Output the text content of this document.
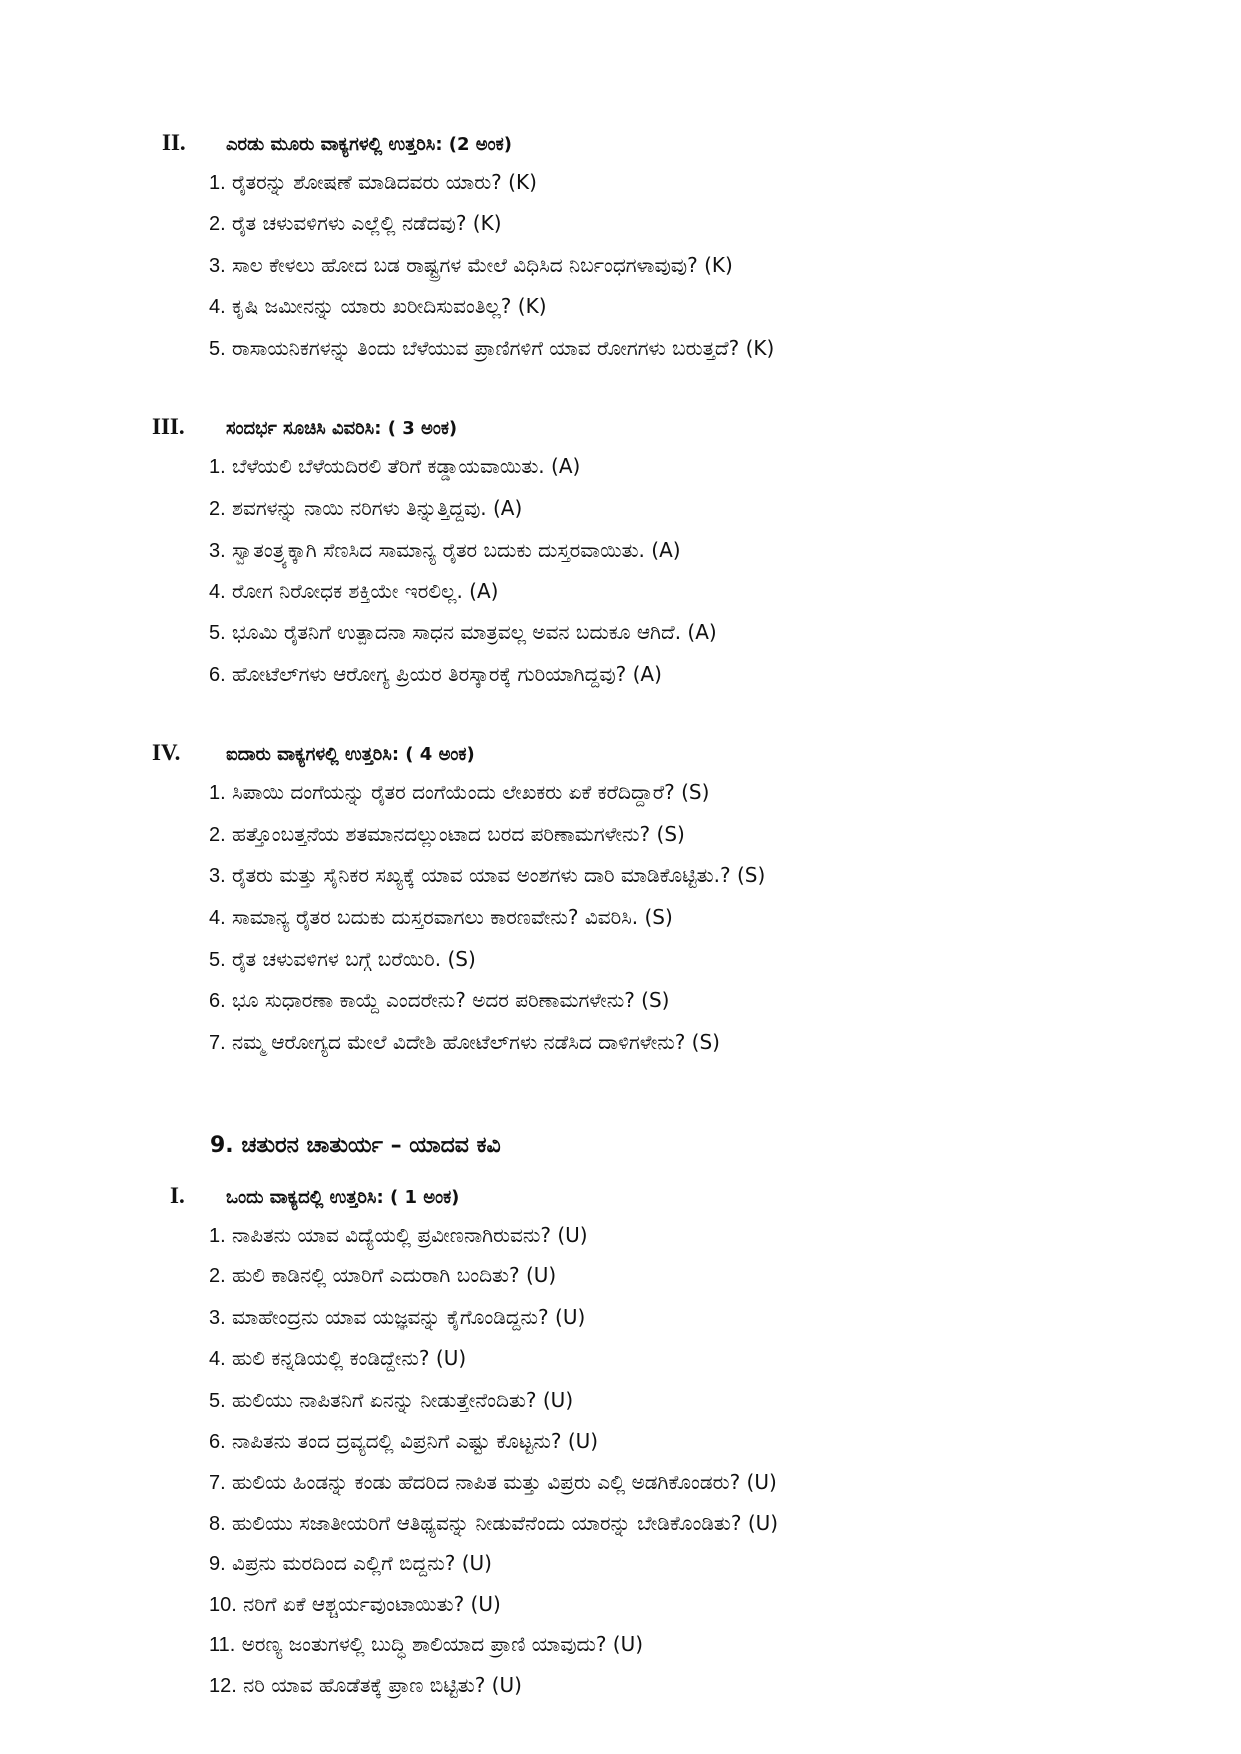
II.	ಎರಡು ಮೂರು ವಾಕ್ಯಗಳಲ್ಲಿ ಉತ್ತರಿಸಿ: (2 ಅಂಕ)
1. ರೈತರನ್ನು ಶೋಷಣೆ ಮಾಡಿದವರು ಯಾರು? (K)
2. ರೈತ ಚಳುವಳಿಗಳು ಎಲ್ಲೆಲ್ಲಿ ನಡೆದವು? (K)
3. ಸಾಲ ಕೇಳಲು ಹೋದ ಬಡ ರಾಷ್ಟ್ರಗಳ ಮೇಲೆ ವಿಧಿಸಿದ ನಿರ್ಬಂಧಗಳಾವುವು? (K)
4. ಕೃಷಿ ಜಮೀನನ್ನು ಯಾರು ಖರೀದಿಸುವಂತಿಲ್ಲ? (K)
5. ರಾಸಾಯನಿಕಗಳನ್ನು ತಿಂದು ಬೆಳೆಯುವ ಪ್ರಾಣಿಗಳಿಗೆ ಯಾವ ರೋಗಗಳು ಬರುತ್ತದೆ? (K)
III.	ಸಂದರ್ಭ ಸೂಚಿಸಿ ವಿವರಿಸಿ: ( 3 ಅಂಕ)
1. ಬೆಳೆಯಲಿ ಬೆಳೆಯದಿರಲಿ ತೆರಿಗೆ ಕಡ್ಡಾಯವಾಯಿತು. (A)
2. ಶವಗಳನ್ನು ನಾಯಿ ನರಿಗಳು ತಿನ್ನುತ್ತಿದ್ದವು. (A)
3. ಸ್ವಾತಂತ್ರ್ಯಕ್ಕಾಗಿ ಸೆಣಸಿದ ಸಾಮಾನ್ಯ ರೈತರ ಬದುಕು ದುಸ್ತರವಾಯಿತು. (A)
4. ರೋಗ ನಿರೋಧಕ ಶಕ್ತಿಯೇ ಇರಲಿಲ್ಲ. (A)
5. ಭೂಮಿ ರೈತನಿಗೆ ಉತ್ಪಾದನಾ ಸಾಧನ ಮಾತ್ರವಲ್ಲ ಅವನ ಬದುಕೂ ಆಗಿದೆ. (A)
6. ಹೋಟೆಲ್‌ಗಳು ಆರೋಗ್ಯ ಪ್ರಿಯರ ತಿರಸ್ಕಾರಕ್ಕೆ ಗುರಿಯಾಗಿದ್ದವು? (A)
IV.	ಐದಾರು ವಾಕ್ಯಗಳಲ್ಲಿ ಉತ್ತರಿಸಿ: ( 4 ಅಂಕ)
1. ಸಿಪಾಯಿ ದಂಗೆಯನ್ನು ರೈತರ ದಂಗೆಯೆಂದು ಲೇಖಕರು ಏಕೆ ಕರೆದಿದ್ದಾರೆ? (S)
2. ಹತ್ತೊಂಬತ್ತನೆಯ ಶತಮಾನದಲ್ಲುಂಟಾದ ಬರದ ಪರಿಣಾಮಗಳೇನು? (S)
3. ರೈತರು ಮತ್ತು ಸೈನಿಕರ ಸಖ್ಯಕ್ಕೆ ಯಾವ ಯಾವ ಅಂಶಗಳು ದಾರಿ ಮಾಡಿಕೊಟ್ಟಿತು.? (S)
4. ಸಾಮಾನ್ಯ ರೈತರ ಬದುಕು ದುಸ್ತರವಾಗಲು ಕಾರಣವೇನು? ವಿವರಿಸಿ. (S)
5. ರೈತ ಚಳುವಳಿಗಳ ಬಗ್ಗೆ ಬರೆಯಿರಿ. (S)
6. ಭೂ ಸುಧಾರಣಾ ಕಾಯ್ದೆ ಎಂದರೇನು? ಅದರ ಪರಿಣಾಮಗಳೇನು? (S)
7. ನಮ್ಮ ಆರೋಗ್ಯದ ಮೇಲೆ ವಿದೇಶಿ ಹೋಟೆಲ್‌ಗಳು ನಡೆಸಿದ ದಾಳಿಗಳೇನು? (S)
9. ಚತುರನ ಚಾತುರ್ಯ – ಯಾದವ ಕವಿ
I.	ಒಂದು ವಾಕ್ಯದಲ್ಲಿ ಉತ್ತರಿಸಿ: ( 1 ಅಂಕ)
1. ನಾಪಿತನು ಯಾವ ವಿದ್ಯೆಯಲ್ಲಿ ಪ್ರವೀಣನಾಗಿರುವನು? (U)
2. ಹುಲಿ ಕಾಡಿನಲ್ಲಿ ಯಾರಿಗೆ ಎದುರಾಗಿ ಬಂದಿತು? (U)
3. ಮಾಹೇಂದ್ರನು ಯಾವ ಯಜ್ಞವನ್ನು ಕೈಗೊಂಡಿದ್ದನು? (U)
4. ಹುಲಿ ಕನ್ನಡಿಯಲ್ಲಿ ಕಂಡಿದ್ದೇನು? (U)
5. ಹುಲಿಯು ನಾಪಿತನಿಗೆ ಏನನ್ನು ನೀಡುತ್ತೇನೆಂದಿತು? (U)
6. ನಾಪಿತನು ತಂದ ದ್ರವ್ಯದಲ್ಲಿ ವಿಪ್ರನಿಗೆ ಎಷ್ಟು ಕೊಟ್ಟನು? (U)
7. ಹುಲಿಯ ಹಿಂಡನ್ನು ಕಂಡು ಹೆದರಿದ ನಾಪಿತ ಮತ್ತು ವಿಪ್ರರು ಎಲ್ಲಿ ಅಡಗಿಕೊಂಡರು? (U)
8. ಹುಲಿಯು ಸಜಾತೀಯರಿಗೆ ಆತಿಥ್ಯವನ್ನು ನೀಡುವೆನೆಂದು ಯಾರನ್ನು ಬೇಡಿಕೊಂಡಿತು? (U)
9. ವಿಪ್ರನು ಮರದಿಂದ ಎಲ್ಲಿಗೆ ಬಿದ್ದನು? (U)
10. ನರಿಗೆ ಏಕೆ ಆಶ್ಚರ್ಯವುಂಟಾಯಿತು? (U)
11. ಅರಣ್ಯ ಜಂತುಗಳಲ್ಲಿ ಬುದ್ಧಿ ಶಾಲಿಯಾದ ಪ್ರಾಣಿ ಯಾವುದು? (U)
12. ನರಿ ಯಾವ ಹೊಡೆತಕ್ಕೆ ಪ್ರಾಣ ಬಿಟ್ಟಿತು? (U)
